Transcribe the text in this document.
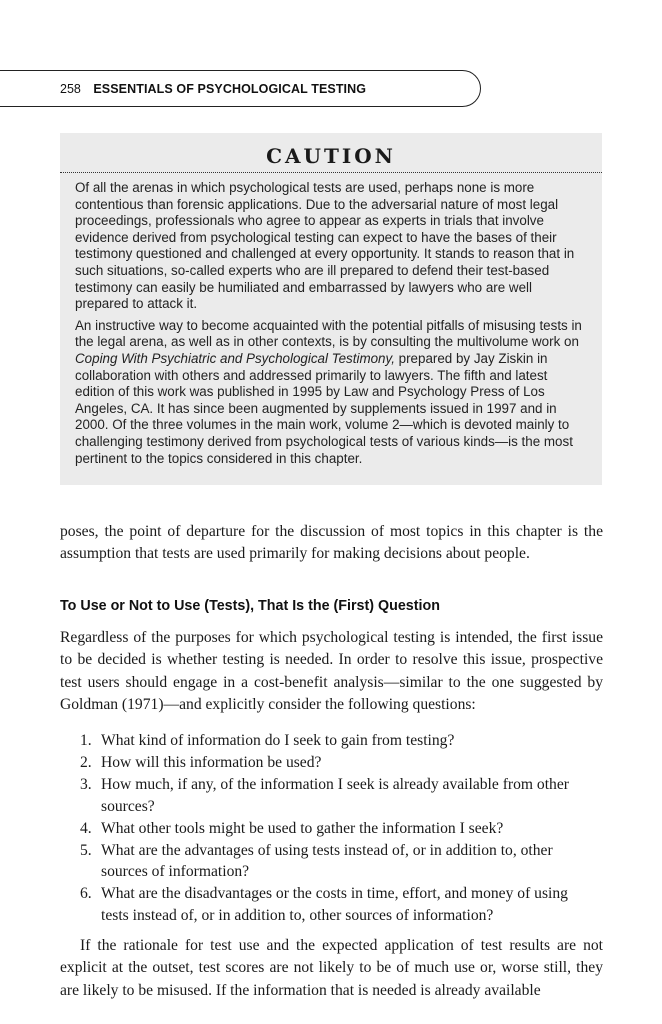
258 ESSENTIALS OF PSYCHOLOGICAL TESTING
CAUTION

Of all the arenas in which psychological tests are used, perhaps none is more contentious than forensic applications. Due to the adversarial nature of most legal proceedings, professionals who agree to appear as experts in trials that involve evidence derived from psychological testing can expect to have the bases of their testimony questioned and challenged at every opportunity. It stands to reason that in such situations, so-called experts who are ill prepared to defend their test-based testimony can easily be humiliated and embarrassed by lawyers who are well prepared to attack it.

An instructive way to become acquainted with the potential pitfalls of misusing tests in the legal arena, as well as in other contexts, is by consulting the multivolume work on Coping With Psychiatric and Psychological Testimony, prepared by Jay Ziskin in collaboration with others and addressed primarily to lawyers. The fifth and latest edition of this work was published in 1995 by Law and Psychology Press of Los Angeles, CA. It has since been augmented by supplements issued in 1997 and in 2000. Of the three volumes in the main work, volume 2—which is devoted mainly to challenging testimony derived from psychological tests of various kinds—is the most pertinent to the topics considered in this chapter.

poses, the point of departure for the discussion of most topics in this chapter is the assumption that tests are used primarily for making decisions about people.
To Use or Not to Use (Tests), That Is the (First) Question
Regardless of the purposes for which psychological testing is intended, the first issue to be decided is whether testing is needed. In order to resolve this issue, prospective test users should engage in a cost-benefit analysis—similar to the one suggested by Goldman (1971)—and explicitly consider the following questions:
1. What kind of information do I seek to gain from testing?
2. How will this information be used?
3. How much, if any, of the information I seek is already available from other sources?
4. What other tools might be used to gather the information I seek?
5. What are the advantages of using tests instead of, or in addition to, other sources of information?
6. What are the disadvantages or the costs in time, effort, and money of using tests instead of, or in addition to, other sources of information?
If the rationale for test use and the expected application of test results are not explicit at the outset, test scores are not likely to be of much use or, worse still, they are likely to be misused. If the information that is needed is already available
